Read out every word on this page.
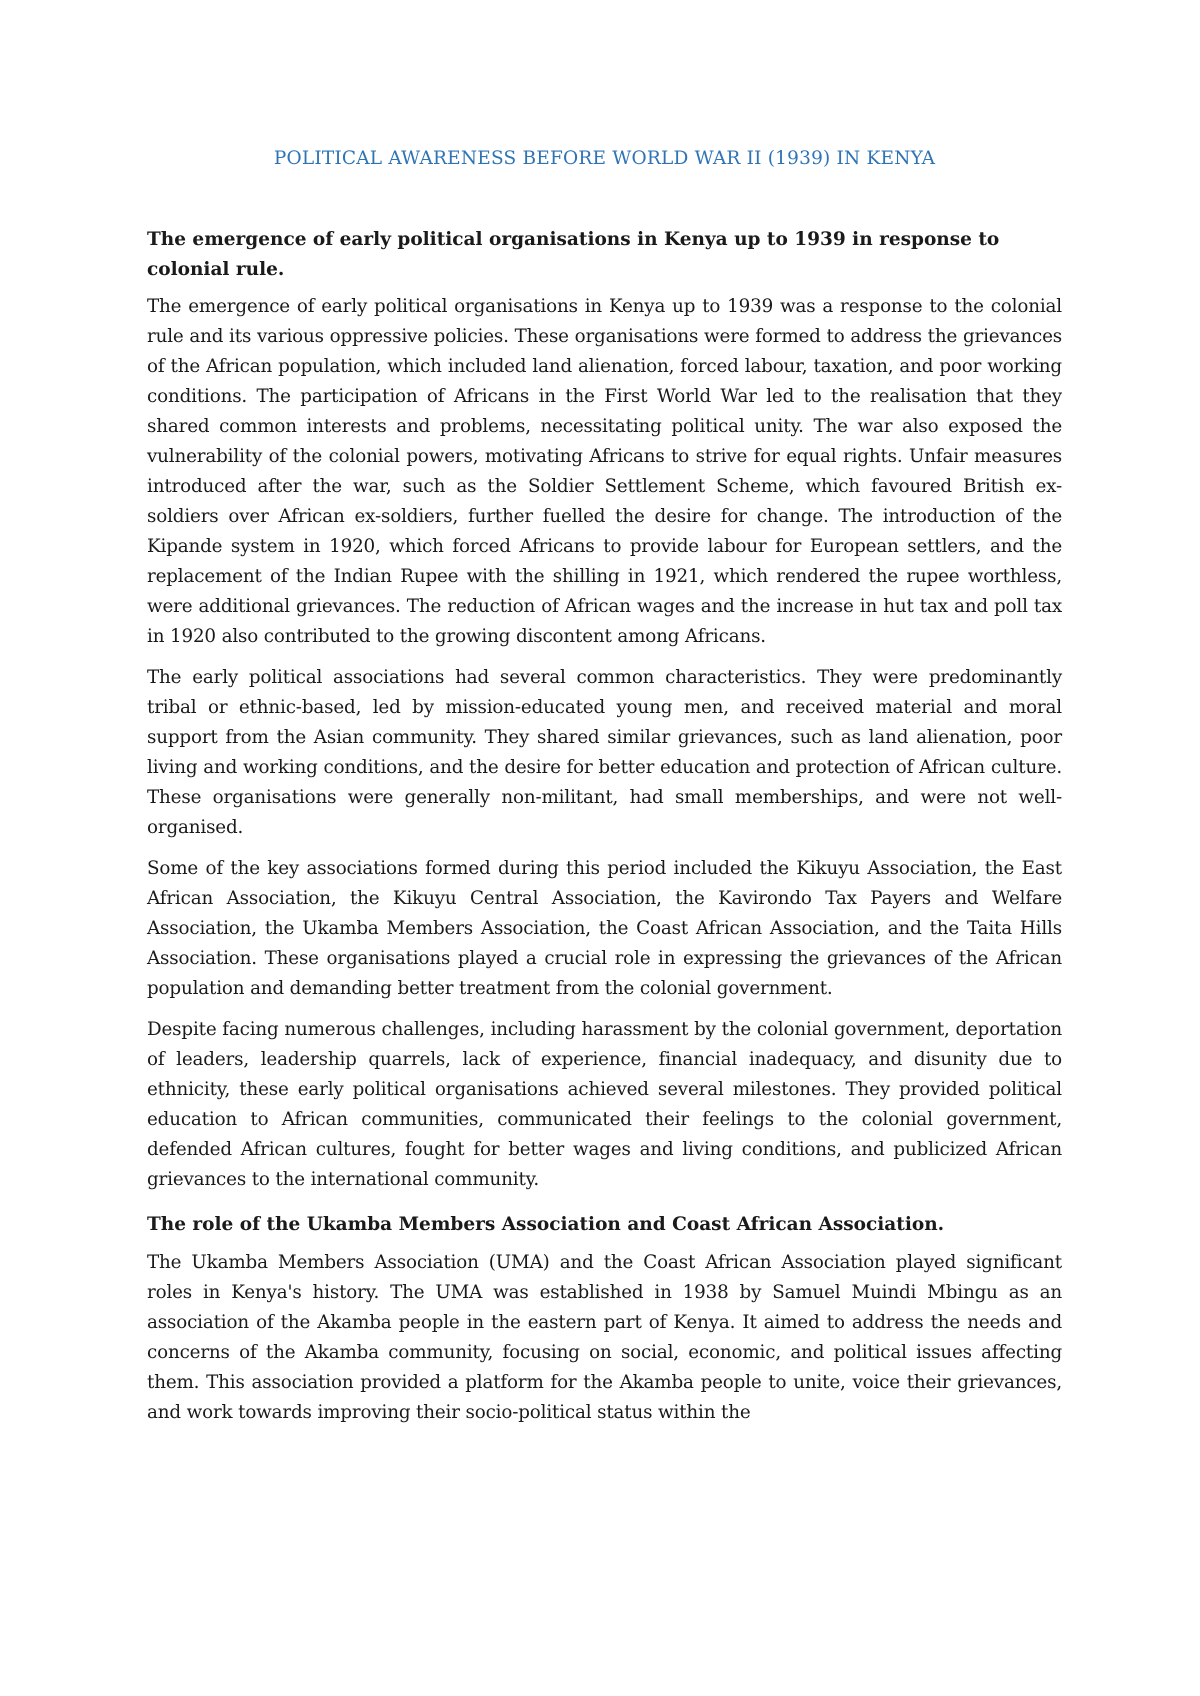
POLITICAL AWARENESS BEFORE WORLD WAR II (1939) IN KENYA
The emergence of early political organisations in Kenya up to 1939 in response to colonial rule.

The emergence of early political organisations in Kenya up to 1939 was a response to the colonial rule and its various oppressive policies. These organisations were formed to address the grievances of the African population, which included land alienation, forced labour, taxation, and poor working conditions. The participation of Africans in the First World War led to the realisation that they shared common interests and problems, necessitating political unity. The war also exposed the vulnerability of the colonial powers, motivating Africans to strive for equal rights. Unfair measures introduced after the war, such as the Soldier Settlement Scheme, which favoured British ex-soldiers over African ex-soldiers, further fuelled the desire for change. The introduction of the Kipande system in 1920, which forced Africans to provide labour for European settlers, and the replacement of the Indian Rupee with the shilling in 1921, which rendered the rupee worthless, were additional grievances. The reduction of African wages and the increase in hut tax and poll tax in 1920 also contributed to the growing discontent among Africans.

The early political associations had several common characteristics. They were predominantly tribal or ethnic-based, led by mission-educated young men, and received material and moral support from the Asian community. They shared similar grievances, such as land alienation, poor living and working conditions, and the desire for better education and protection of African culture. These organisations were generally non-militant, had small memberships, and were not well-organised.

Some of the key associations formed during this period included the Kikuyu Association, the East African Association, the Kikuyu Central Association, the Kavirondo Tax Payers and Welfare Association, the Ukamba Members Association, the Coast African Association, and the Taita Hills Association. These organisations played a crucial role in expressing the grievances of the African population and demanding better treatment from the colonial government.

Despite facing numerous challenges, including harassment by the colonial government, deportation of leaders, leadership quarrels, lack of experience, financial inadequacy, and disunity due to ethnicity, these early political organisations achieved several milestones. They provided political education to African communities, communicated their feelings to the colonial government, defended African cultures, fought for better wages and living conditions, and publicized African grievances to the international community.

The role of the Ukamba Members Association and Coast African Association.

The Ukamba Members Association (UMA) and the Coast African Association played significant roles in Kenya's history. The UMA was established in 1938 by Samuel Muindi Mbingu as an association of the Akamba people in the eastern part of Kenya. It aimed to address the needs and concerns of the Akamba community, focusing on social, economic, and political issues affecting them. This association provided a platform for the Akamba people to unite, voice their grievances, and work towards improving their socio-political status within the
